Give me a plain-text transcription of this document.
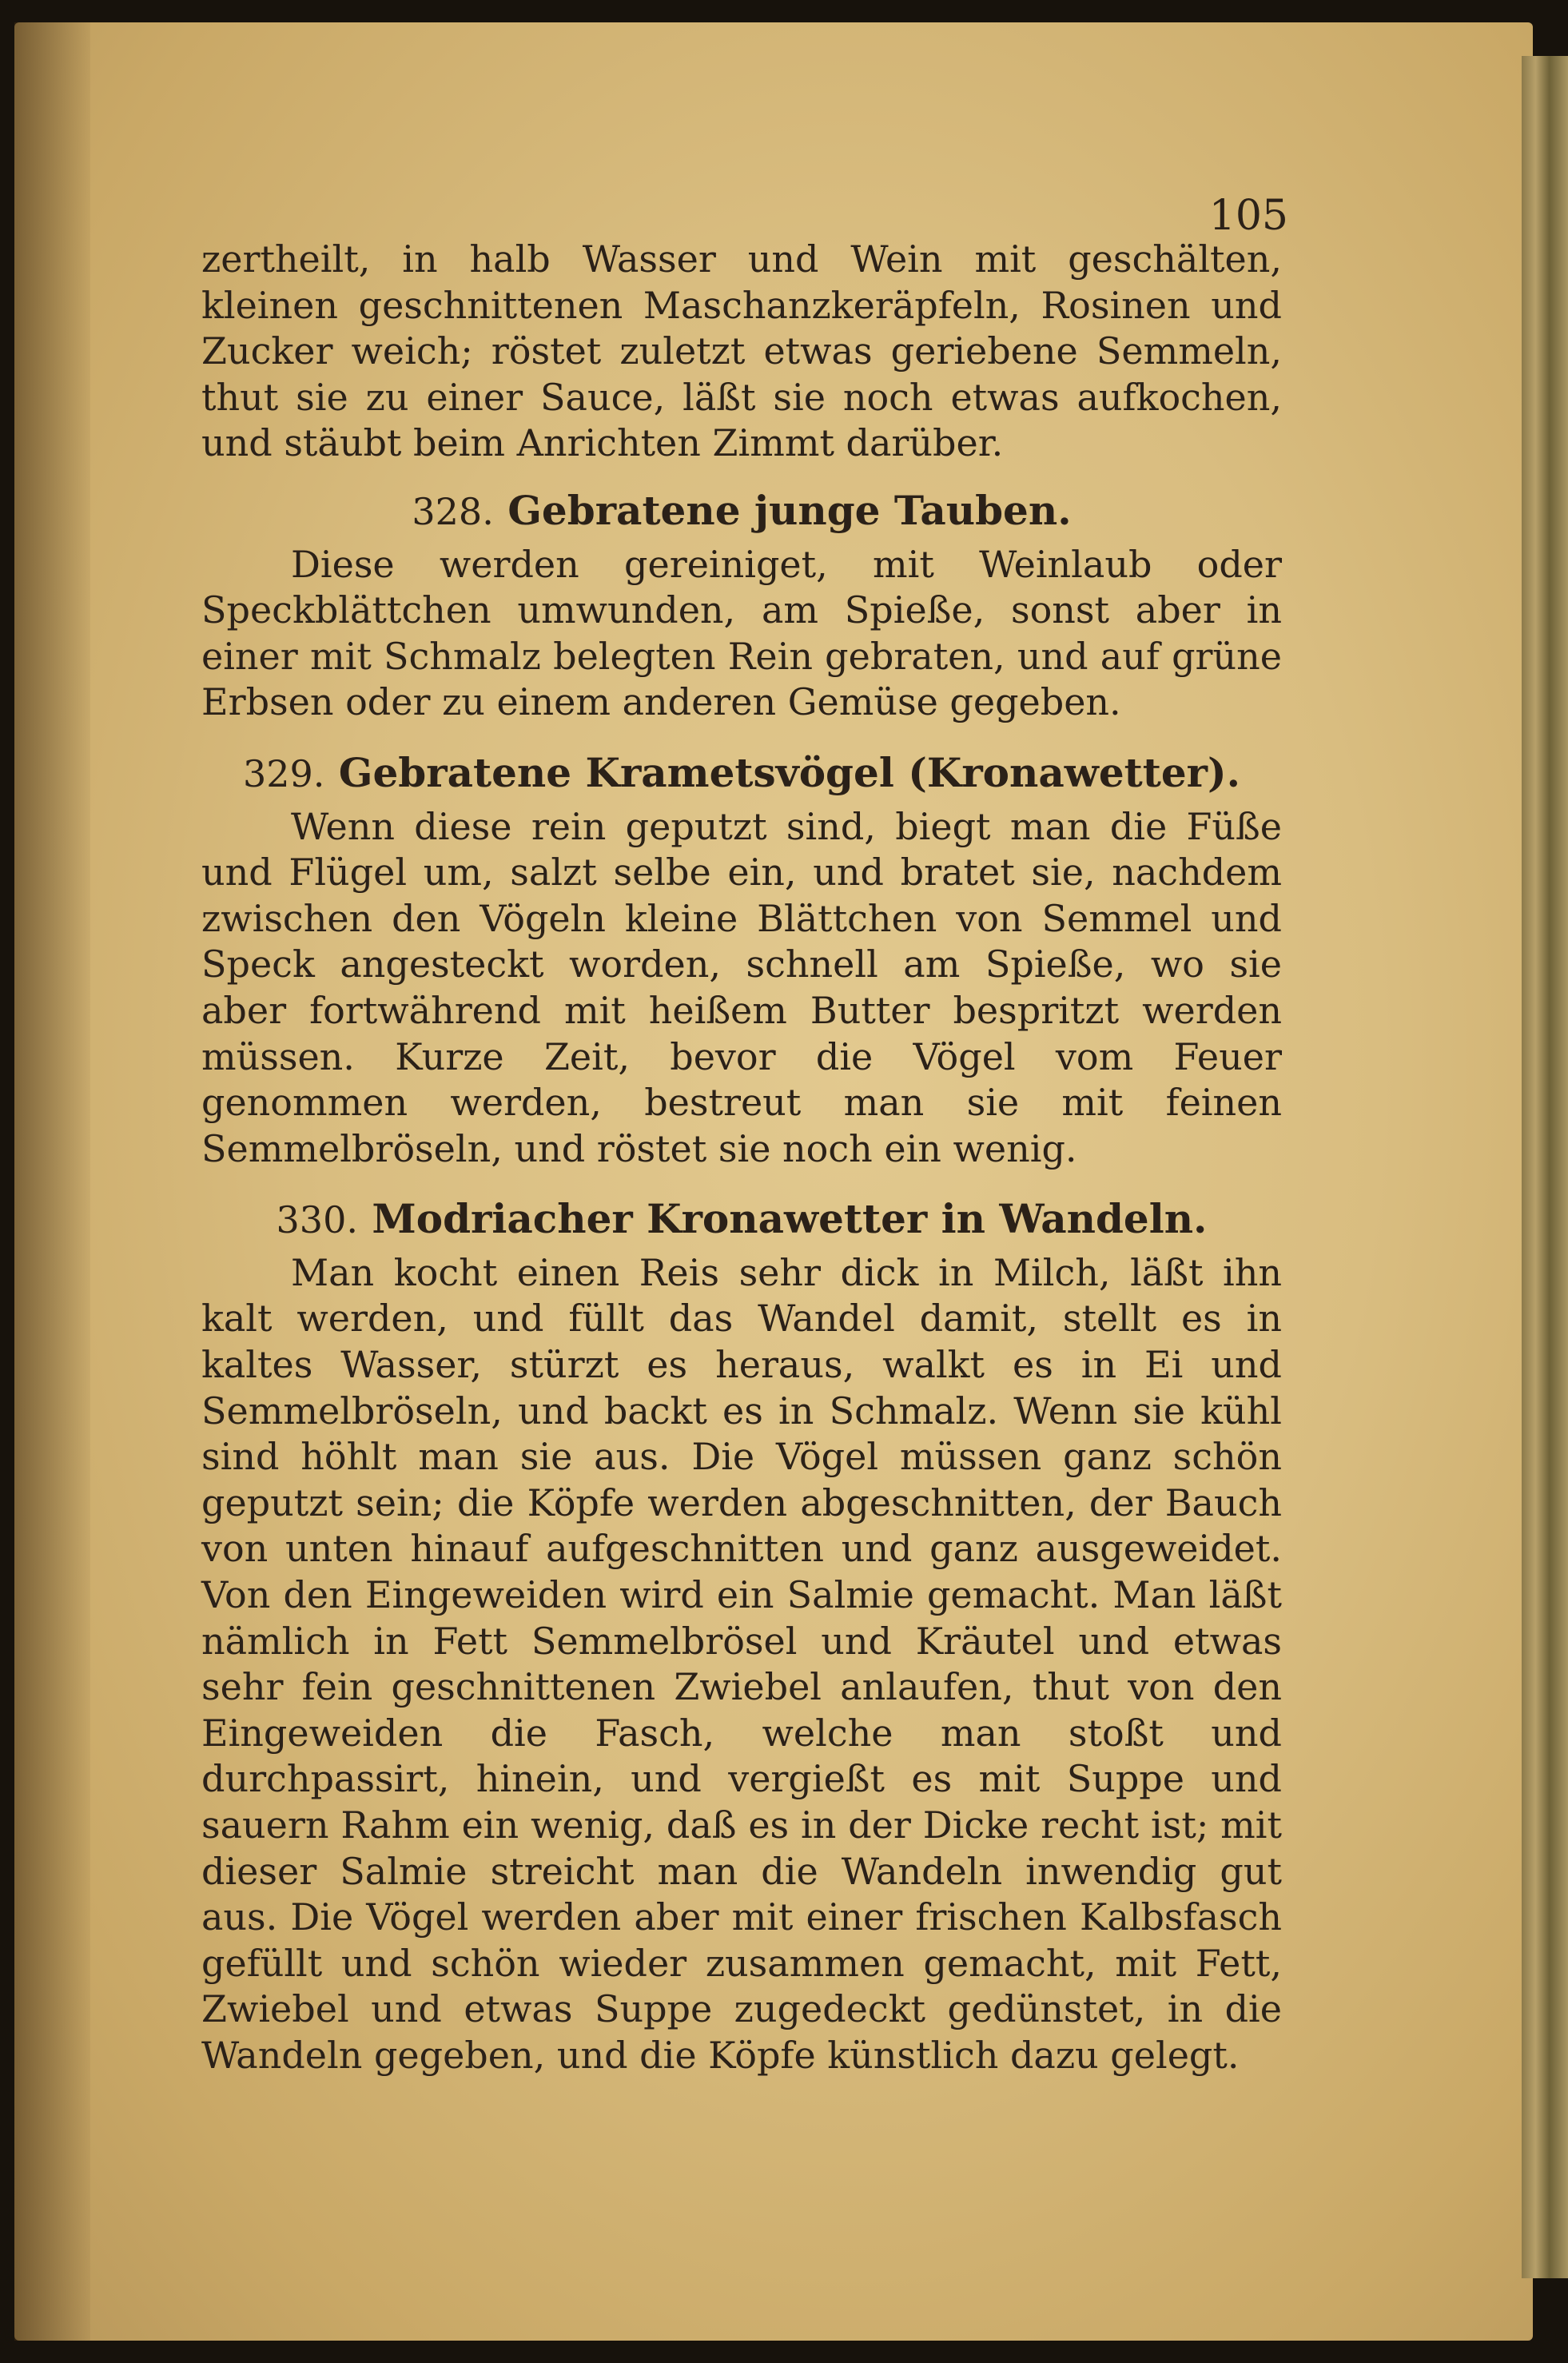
105

zertheilt, in halb Wasser und Wein mit geschälten, kleinen geschnittenen Maschanzkeräpfeln, Rosinen und Zucker weich; röstet zuletzt etwas geriebene Semmeln, thut sie zu einer Sauce, läßt sie noch etwas aufkochen, und stäubt beim Anrichten Zimmt darüber.

328. Gebratene junge Tauben.

Diese werden gereiniget, mit Weinlaub oder Speckblättchen umwunden, am Spieße, sonst aber in einer mit Schmalz belegten Rein gebraten, und auf grüne Erbsen oder zu einem anderen Gemüse gegeben.

329. Gebratene Krametsvögel (Kronawetter).

Wenn diese rein geputzt sind, biegt man die Füße und Flügel um, salzt selbe ein, und bratet sie, nachdem zwischen den Vögeln kleine Blättchen von Semmel und Speck angesteckt worden, schnell am Spieße, wo sie aber fortwährend mit heißem Butter bespritzt werden müssen. Kurze Zeit, bevor die Vögel vom Feuer genommen werden, bestreut man sie mit feinen Semmelbröseln, und röstet sie noch ein wenig.

330. Modriacher Kronawetter in Wandeln.

Man kocht einen Reis sehr dick in Milch, läßt ihn kalt werden, und füllt das Wandel damit, stellt es in kaltes Wasser, stürzt es heraus, walkt es in Ei und Semmelbröseln, und backt es in Schmalz. Wenn sie kühl sind höhlt man sie aus. Die Vögel müssen ganz schön geputzt sein; die Köpfe werden abgeschnitten, der Bauch von unten hinauf aufgeschnitten und ganz ausgeweidet. Von den Eingeweiden wird ein Salmie gemacht. Man läßt nämlich in Fett Semmelbrösel und Kräutel und etwas sehr fein geschnittenen Zwiebel anlaufen, thut von den Eingeweiden die Fasch, welche man stoßt und durchpassirt, hinein, und vergießt es mit Suppe und sauern Rahm ein wenig, daß es in der Dicke recht ist; mit dieser Salmie streicht man die Wandeln inwendig gut aus. Die Vögel werden aber mit einer frischen Kalbsfasch gefüllt und schön wieder zusammen gemacht, mit Fett, Zwiebel und etwas Suppe zugedeckt gedünstet, in die Wandeln gegeben, und die Köpfe künstlich dazu gelegt.
